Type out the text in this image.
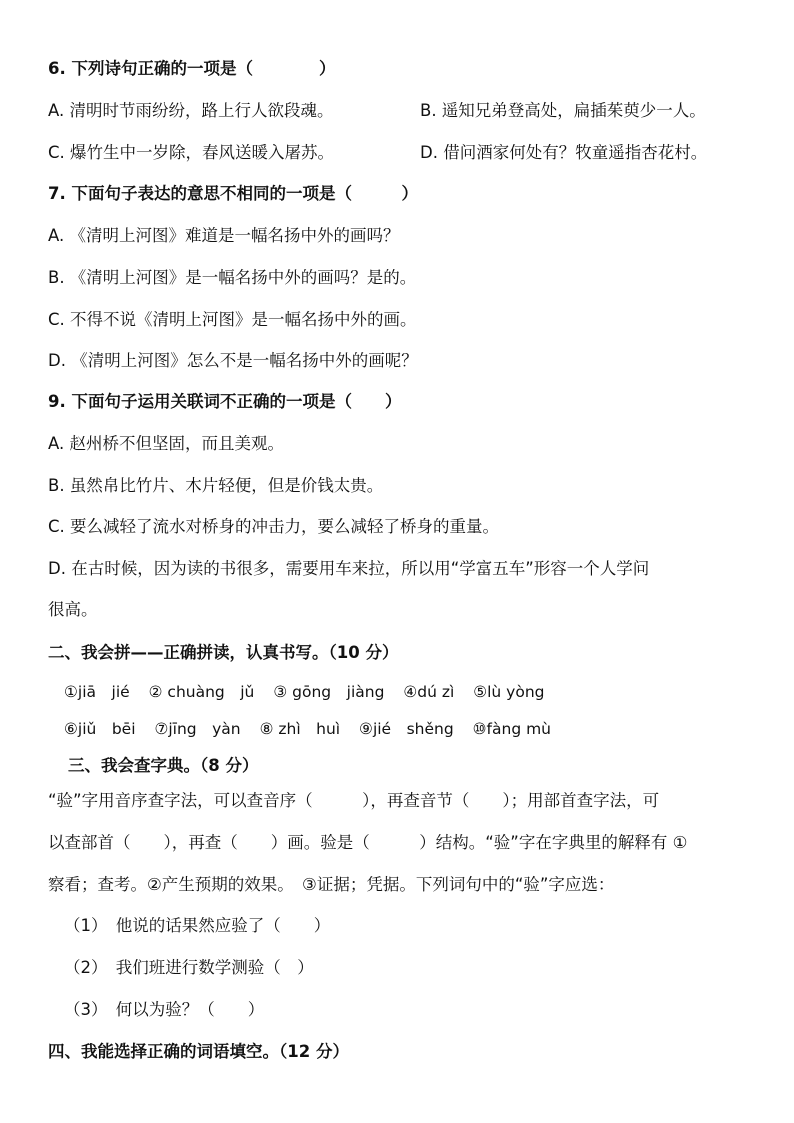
6. 下列诗句正确的一项是（　　　　）
A. 清明时节雨纷纷，路上行人欲段魂。	B. 遥知兄弟登高处，扁插茱萸少一人。
C. 爆竹生中一岁除，春风送暖入屠苏。	D. 借问酒家何处有？牧童遥指杏花村。
7. 下面句子表达的意思不相同的一项是（　　　）
A. 《清明上河图》难道是一幅名扬中外的画吗？
B. 《清明上河图》是一幅名扬中外的画吗？是的。
C. 不得不说《清明上河图》是一幅名扬中外的画。
D. 《清明上河图》怎么不是一幅名扬中外的画呢？
9. 下面句子运用关联词不正确的一项是（　　）
A. 赵州桥不但坚固，而且美观。
B. 虽然帛比竹片、木片轻便，但是价钱太贵。
C. 要么减轻了流水对桥身的冲击力，要么减轻了桥身的重量。
D. 在古时候，因为读的书很多，需要用车来拉，所以用“学富五车”形容一个人学问
很高。
二、我会拼——正确拼读，认真书写。（10 分）
①jiā　jié ② chuàng　jǔ ③ gōng　jiàng ④dú zì ⑤lù yòng
⑥jiǔ　bēi ⑦jīng　yàn ⑧ zhì　huì ⑨jié　shěng ⑩fàng mù
三、我会查字典。（8 分）
“验”字用音序查字法，可以查音序（　　　），再查音节（　　）；用部首查字法，可
以查部首（　　），再查（　　）画。验是（　　　）结构。“验”字在字典里的解释有 ①
察看；查考。②产生预期的效果。　③证据；凭据。下列词句中的“验”字应选：
（1）　他说的话果然应验了（　　）
（2）　我们班进行数学测验（　）
（3）　何以为验？（　　）
四、我能选择正确的词语填空。（12 分）
